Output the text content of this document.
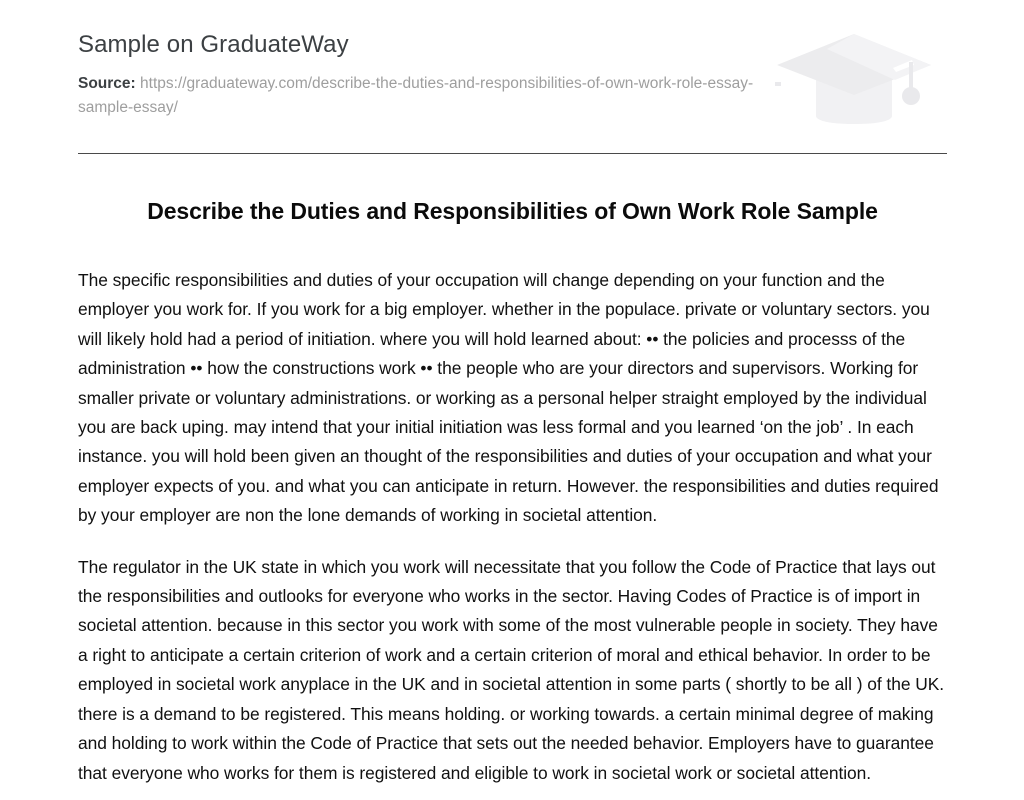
Sample on GraduateWay
Source: https://graduateway.com/describe-the-duties-and-responsibilities-of-own-work-role-essay-sample-essay/
Describe the Duties and Responsibilities of Own Work Role Sample

The specific responsibilities and duties of your occupation will change depending on your function and the employer you work for. If you work for a big employer. whether in the populace. private or voluntary sectors. you will likely hold had a period of initiation. where you will hold learned about: •• the policies and processs of the administration •• how the constructions work •• the people who are your directors and supervisors. Working for smaller private or voluntary administrations. or working as a personal helper straight employed by the individual you are back uping. may intend that your initial initiation was less formal and you learned ‘on the job’ . In each instance. you will hold been given an thought of the responsibilities and duties of your occupation and what your employer expects of you. and what you can anticipate in return. However. the responsibilities and duties required by your employer are non the lone demands of working in societal attention.

The regulator in the UK state in which you work will necessitate that you follow the Code of Practice that lays out the responsibilities and outlooks for everyone who works in the sector. Having Codes of Practice is of import in societal attention. because in this sector you work with some of the most vulnerable people in society. They have a right to anticipate a certain criterion of work and a certain criterion of moral and ethical behavior. In order to be employed in societal work anyplace in the UK and in societal attention in some parts ( shortly to be all ) of the UK. there is a demand to be registered. This means holding. or working towards. a certain minimal degree of making and holding to work within the Code of Practice that sets out the needed behavior. Employers have to guarantee that everyone who works for them is registered and eligible to work in societal work or societal attention.
